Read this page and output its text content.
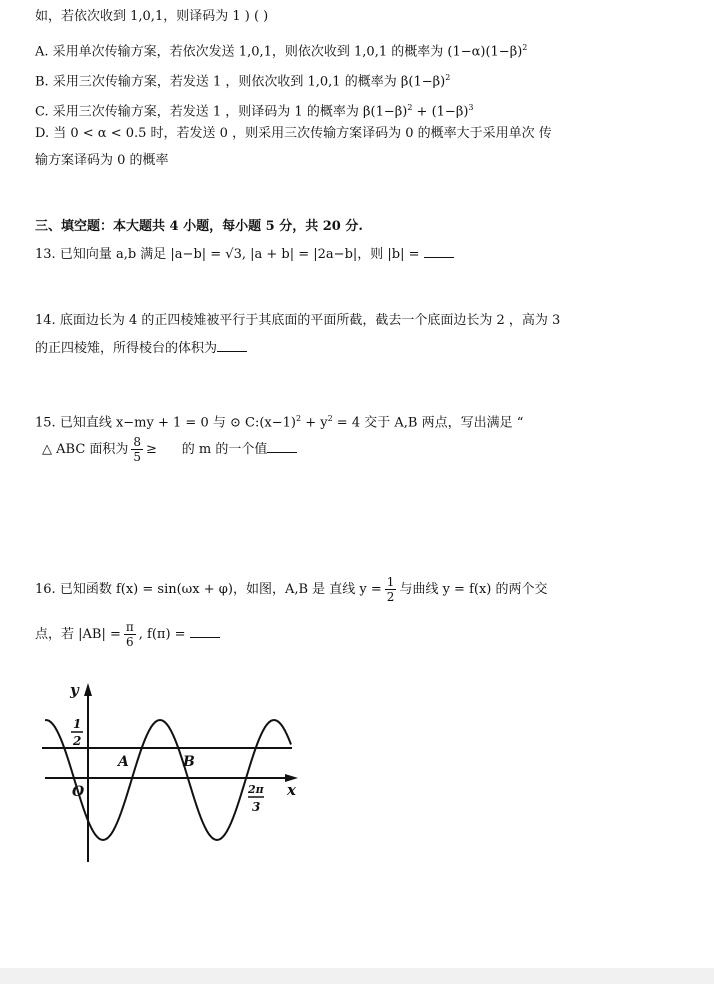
如，若依次收到 1,0,1，则译码为 1 ) ( )
A. 采用单次传输方案，若依次发送 1,0,1，则依次收到 1,0,1 的概率为 $(1-\alpha)(1-\beta)^2$
B. 采用三次传输方案，若发送 1 ，则依次收到 1,0,1 的概率为 $\beta(1-\beta)^2$
C. 采用三次传输方案，若发送 1 ，则译码为 1 的概率为 $\beta(1-\beta)^2 + (1-\beta)^3$
D. 当 0 < α < 0.5 时，若发送 0 ，则采用三次传输方案译码为 0 的概率大于采用单次 传
输方案译码为 0 的概率
三、填空题：本大题共 4 小题，每小题 5 分，共 20 分.
13. 已知向量 a,b 满足 |a−b| = √3, |a + b| = |2a−b|，则 |b| =
14. 底面边长为 4 的正四棱雉被平行于其底面的平面所截，截去一个底面边长为 2 ，高为 3
的正四棱雉，所得棱台的体积为
15. 已知直线 x−my + 1 = 0 与 ⊙ $C:(x-1)^2 + y^2 = 4$ 交于 A,B 两点，写出满足 “
△ ABC 面积为 $\frac{8}{5}$ ≥ 的 m 的一个值
16. 已知函数 f(x) = sin(ωx + φ)，如图，A,B 是 直线 $y = \frac{1}{2}$ 与曲线 y = f(x) 的两个交
点，若 $|AB| = \frac{\pi}{6}$ , f(π) =
y
x
O
1
2
A	B
2π
3
